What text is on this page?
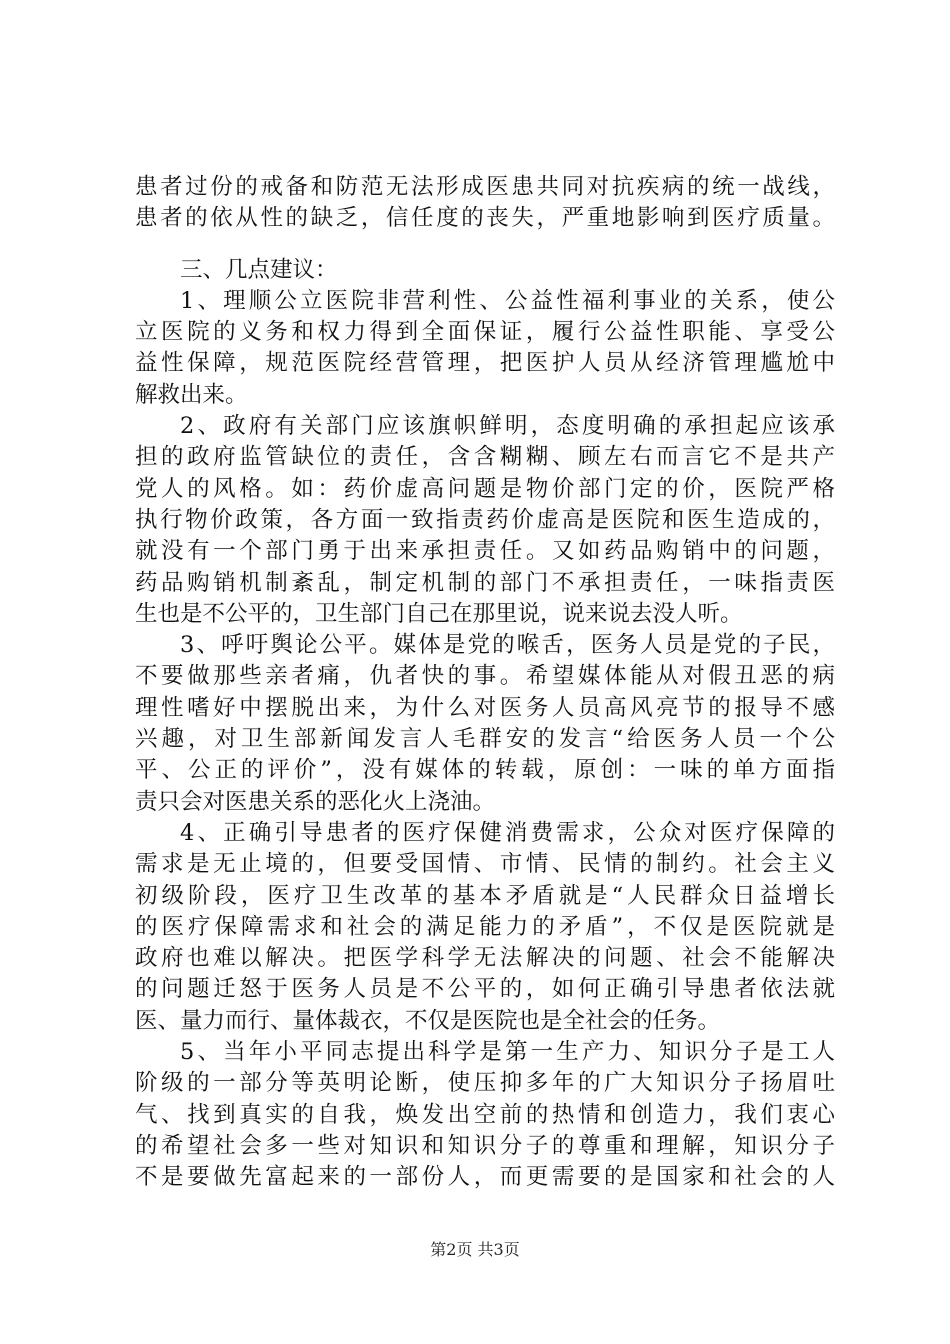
患者过份的戒备和防范无法形成医患共同对抗疾病的统一战线，
患者的依从性的缺乏，信任度的丧失，严重地影响到医疗质量。
三、几点建议：
1、理顺公立医院非营利性、公益性福利事业的关系，使公
立医院的义务和权力得到全面保证，履行公益性职能、享受公
益性保障，规范医院经营管理，把医护人员从经济管理尴尬中
解救出来。
2、政府有关部门应该旗帜鲜明，态度明确的承担起应该承
担的政府监管缺位的责任，含含糊糊、顾左右而言它不是共产
党人的风格。如：药价虚高问题是物价部门定的价，医院严格
执行物价政策，各方面一致指责药价虚高是医院和医生造成的，
就没有一个部门勇于出来承担责任。又如药品购销中的问题，
药品购销机制紊乱，制定机制的部门不承担责任，一味指责医
生也是不公平的，卫生部门自己在那里说，说来说去没人听。
3、呼吁舆论公平。媒体是党的喉舌，医务人员是党的子民，
不要做那些亲者痛，仇者快的事。希望媒体能从对假丑恶的病
理性嗜好中摆脱出来，为什么对医务人员高风亮节的报导不感
兴趣，对卫生部新闻发言人毛群安的发言“给医务人员一个公
平、公正的评价”，没有媒体的转载，原创：一味的单方面指
责只会对医患关系的恶化火上浇油。
4、正确引导患者的医疗保健消费需求，公众对医疗保障的
需求是无止境的，但要受国情、市情、民情的制约。社会主义
初级阶段，医疗卫生改革的基本矛盾就是“人民群众日益增长
的医疗保障需求和社会的满足能力的矛盾”，不仅是医院就是
政府也难以解决。把医学科学无法解决的问题、社会不能解决
的问题迁怒于医务人员是不公平的，如何正确引导患者依法就
医、量力而行、量体裁衣，不仅是医院也是全社会的任务。
5、当年小平同志提出科学是第一生产力、知识分子是工人
阶级的一部分等英明论断，使压抑多年的广大知识分子扬眉吐
气、找到真实的自我，焕发出空前的热情和创造力，我们衷心
的希望社会多一些对知识和知识分子的尊重和理解，知识分子
不是要做先富起来的一部份人，而更需要的是国家和社会的人
第2页 共3页
